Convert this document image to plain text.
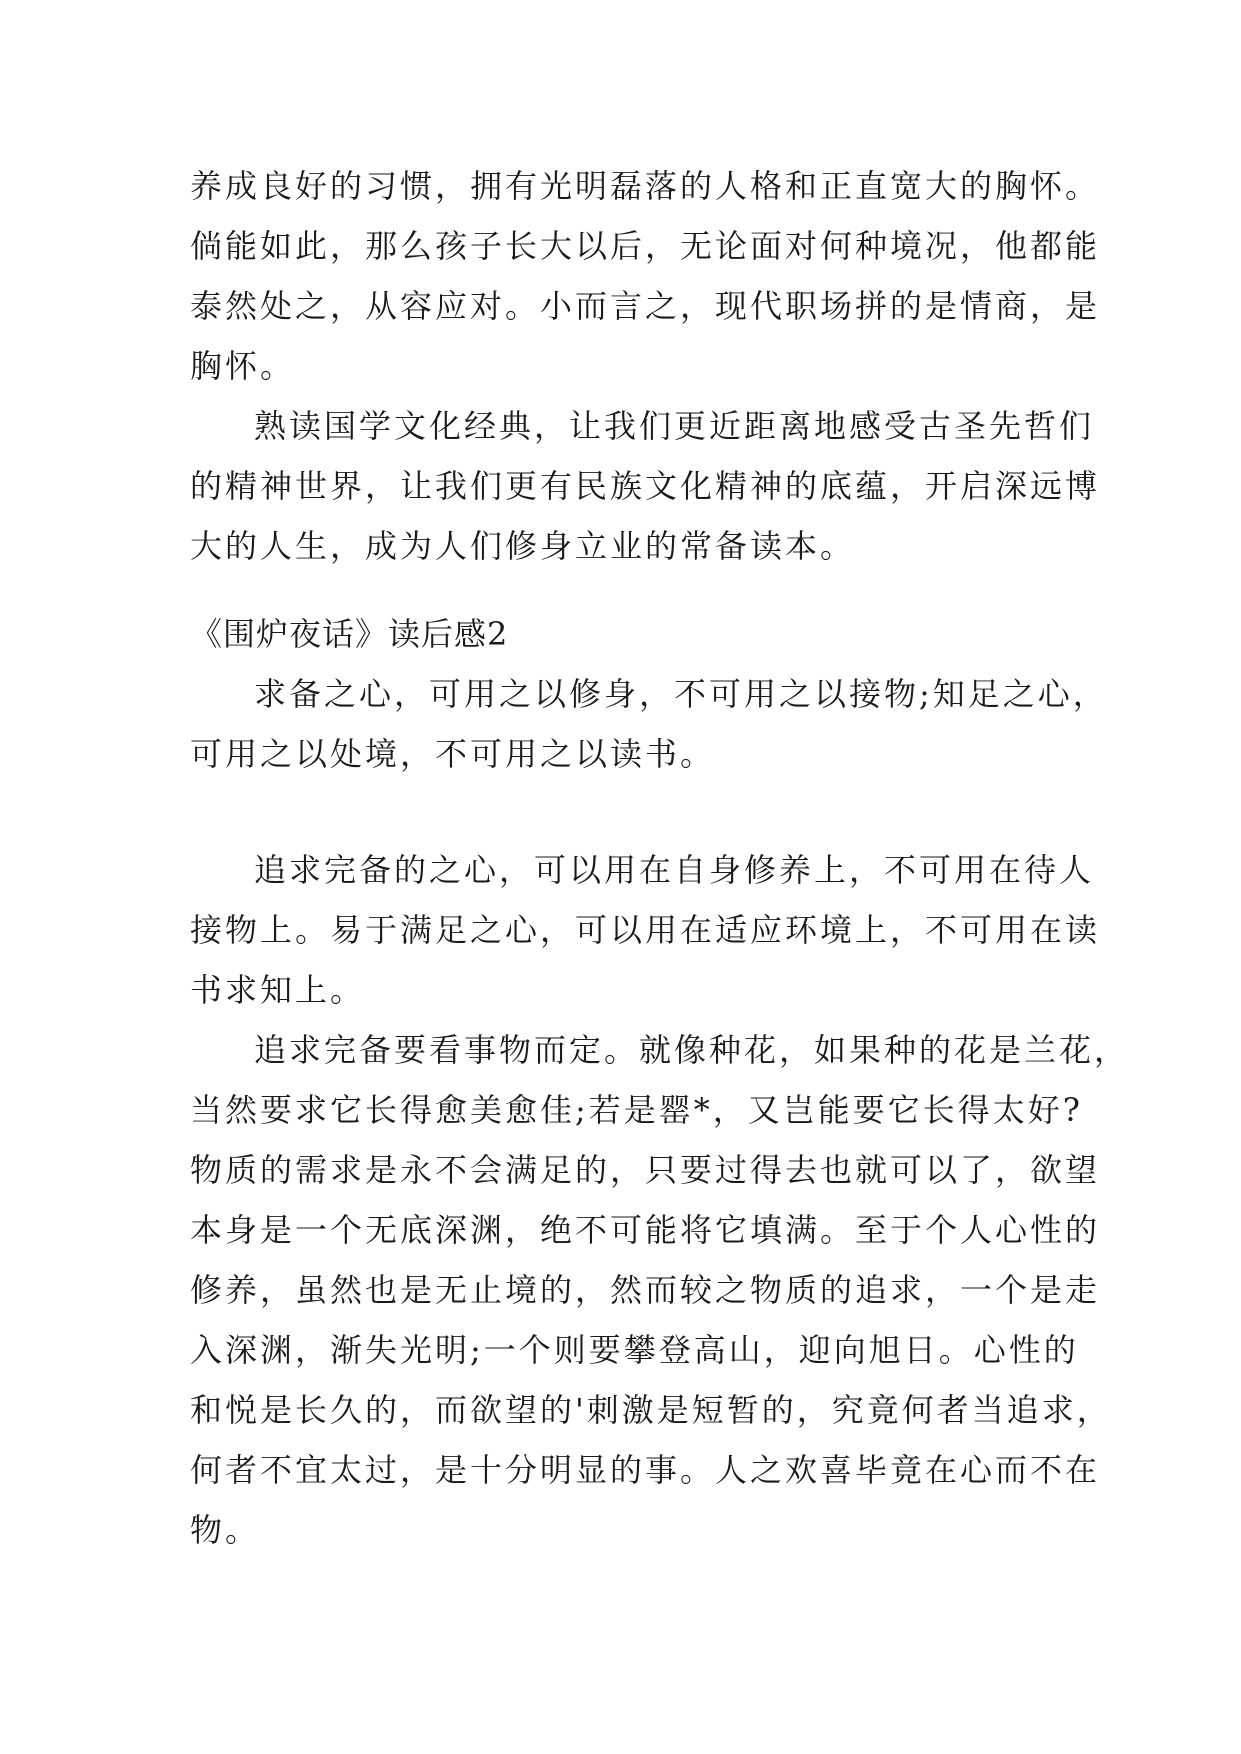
养成良好的习惯，拥有光明磊落的人格和正直宽大的胸怀。
倘能如此，那么孩子长大以后，无论面对何种境况，他都能
泰然处之，从容应对。小而言之，现代职场拼的是情商，是
胸怀。
熟读国学文化经典，让我们更近距离地感受古圣先哲们
的精神世界，让我们更有民族文化精神的底蕴，开启深远博
大的人生，成为人们修身立业的常备读本。
《围炉夜话》读后感2
求备之心，可用之以修身，不可用之以接物;知足之心，
可用之以处境，不可用之以读书。
追求完备的之心，可以用在自身修养上，不可用在待人
接物上。易于满足之心，可以用在适应环境上，不可用在读
书求知上。
追求完备要看事物而定。就像种花，如果种的花是兰花，
当然要求它长得愈美愈佳;若是罂*，又岂能要它长得太好?
物质的需求是永不会满足的，只要过得去也就可以了，欲望
本身是一个无底深渊，绝不可能将它填满。至于个人心性的
修养，虽然也是无止境的，然而较之物质的追求，一个是走
入深渊，渐失光明;一个则要攀登高山，迎向旭日。心性的
和悦是长久的，而欲望的'刺激是短暂的，究竟何者当追求，
何者不宜太过，是十分明显的事。人之欢喜毕竟在心而不在
物。
